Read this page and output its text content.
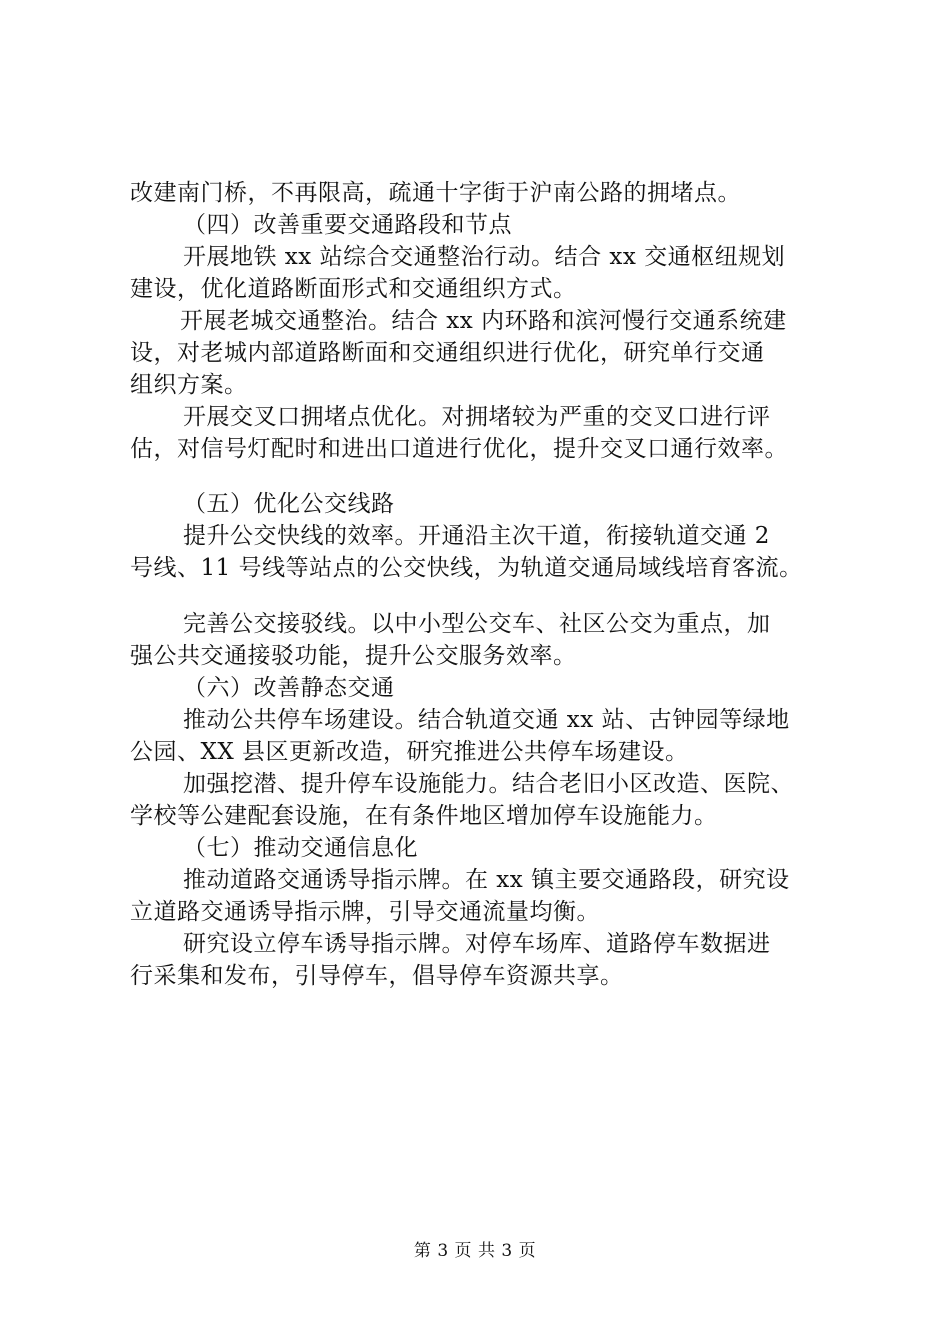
改建南门桥，不再限高，疏通十字街于沪南公路的拥堵点。
（四）改善重要交通路段和节点
开展地铁 xx 站综合交通整治行动。结合 xx 交通枢纽规划
建设，优化道路断面形式和交通组织方式。
开展老城交通整治。结合 xx 内环路和滨河慢行交通系统建
设，对老城内部道路断面和交通组织进行优化，研究单行交通
组织方案。
开展交叉口拥堵点优化。对拥堵较为严重的交叉口进行评
估，对信号灯配时和进出口道进行优化，提升交叉口通行效率。
（五）优化公交线路
提升公交快线的效率。开通沿主次干道，衔接轨道交通 2
号线、11 号线等站点的公交快线，为轨道交通局域线培育客流。
完善公交接驳线。以中小型公交车、社区公交为重点，加
强公共交通接驳功能，提升公交服务效率。
（六）改善静态交通
推动公共停车场建设。结合轨道交通 xx 站、古钟园等绿地
公园、XX 县区更新改造，研究推进公共停车场建设。
加强挖潜、提升停车设施能力。结合老旧小区改造、医院、
学校等公建配套设施，在有条件地区增加停车设施能力。
（七）推动交通信息化
推动道路交通诱导指示牌。在 xx 镇主要交通路段，研究设
立道路交通诱导指示牌，引导交通流量均衡。
研究设立停车诱导指示牌。对停车场库、道路停车数据进
行采集和发布，引导停车，倡导停车资源共享。
第 3 页 共 3 页
